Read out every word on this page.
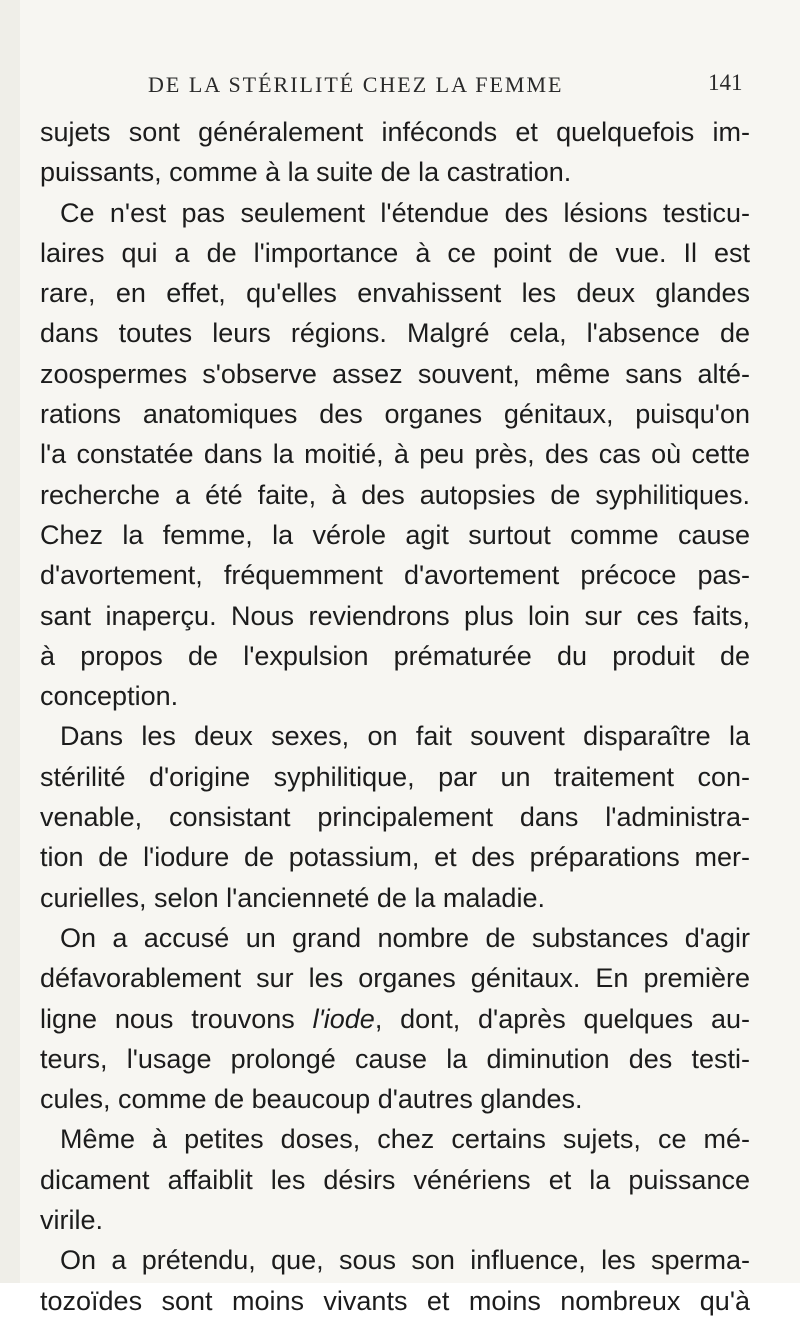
DE LA STÉRILITÉ CHEZ LA FEMME	141

sujets sont généralement inféconds et quelquefois im-

puissants, comme à la suite de la castration.

Ce n'est pas seulement l'étendue des lésions testicu-

laires qui a de l'importance à ce point de vue. Il est

rare, en effet, qu'elles envahissent les deux glandes

dans toutes leurs régions. Malgré cela, l'absence de

zoospermes s'observe assez souvent, même sans alté-

rations anatomiques des organes génitaux, puisqu'on

l'a constatée dans la moitié, à peu près, des cas où cette

recherche a été faite, à des autopsies de syphilitiques.

Chez la femme, la vérole agit surtout comme cause

d'avortement, fréquemment d'avortement précoce pas-

sant inaperçu. Nous reviendrons plus loin sur ces faits,

à propos de l'expulsion prématurée du produit de

conception.

Dans les deux sexes, on fait souvent disparaître la

stérilité d'origine syphilitique, par un traitement con-

venable, consistant principalement dans l'administra-

tion de l'iodure de potassium, et des préparations mer-

curielles, selon l'ancienneté de la maladie.

On a accusé un grand nombre de substances d'agir

défavorablement sur les organes génitaux. En première

ligne nous trouvons l'iode, dont, d'après quelques au-

teurs, l'usage prolongé cause la diminution des testi-

cules, comme de beaucoup d'autres glandes.

Même à petites doses, chez certains sujets, ce mé-

dicament affaiblit les désirs vénériens et la puissance

virile.

On a prétendu, que, sous son influence, les sperma-

tozoïdes sont moins vivants et moins nombreux qu'à
